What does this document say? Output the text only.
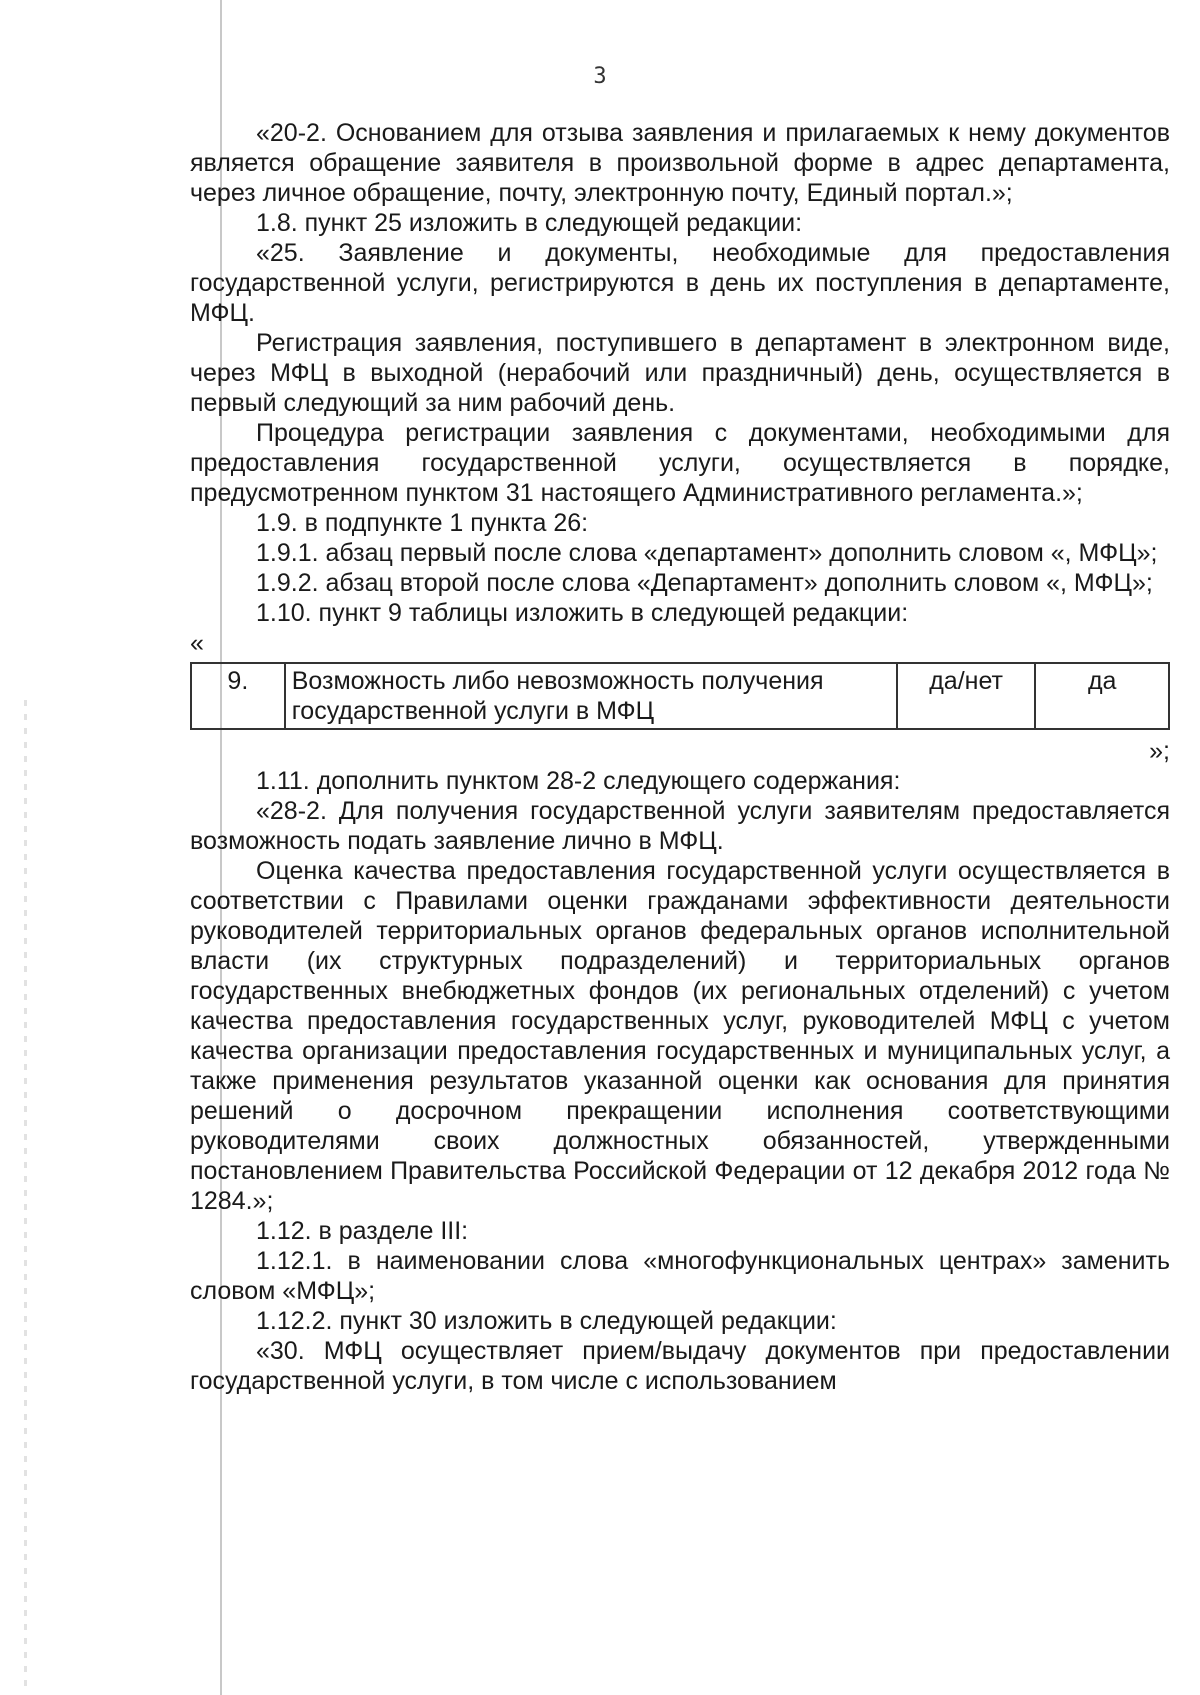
3

«20-2. Основанием для отзыва заявления и прилагаемых к нему документов является обращение заявителя в произвольной форме в адрес департамента, через личное обращение, почту, электронную почту, Единый портал.»;

1.8. пункт 25 изложить в следующей редакции:

«25. Заявление и документы, необходимые для предоставления государственной услуги, регистрируются в день их поступления в департаменте, МФЦ.

Регистрация заявления, поступившего в департамент в электронном виде, через МФЦ в выходной (нерабочий или праздничный) день, осуществляется в первый следующий за ним рабочий день.

Процедура регистрации заявления с документами, необходимыми для предоставления государственной услуги, осуществляется в порядке, предусмотренном пунктом 31 настоящего Административного регламента.»;

1.9. в подпункте 1 пункта 26:

1.9.1. абзац первый после слова «департамент» дополнить словом «, МФЦ»;

1.9.2. абзац второй после слова «Департамент» дополнить словом «, МФЦ»;

1.10. пункт 9 таблицы изложить в следующей редакции:

«

9.	Возможность либо невозможность получения государственной услуги в МФЦ	да/нет	да

»;

1.11. дополнить пунктом 28-2 следующего содержания:

«28-2. Для получения государственной услуги заявителям предоставляется возможность подать заявление лично в МФЦ.

Оценка качества предоставления государственной услуги осуществляется в соответствии с Правилами оценки гражданами эффективности деятельности руководителей территориальных органов федеральных органов исполнительной власти (их структурных подразделений) и территориальных органов государственных внебюджетных фондов (их региональных отделений) с учетом качества предоставления государственных услуг, руководителей МФЦ с учетом качества организации предоставления государственных и муниципальных услуг, а также применения результатов указанной оценки как основания для принятия решений о досрочном прекращении исполнения соответствующими руководителями своих должностных обязанностей, утвержденными постановлением Правительства Российской Федерации от 12 декабря 2012 года № 1284.»;

1.12. в разделе III:

1.12.1. в наименовании слова «многофункциональных центрах» заменить словом «МФЦ»;

1.12.2. пункт 30 изложить в следующей редакции:

«30. МФЦ осуществляет прием/выдачу документов при предоставлении государственной услуги, в том числе с использованием
